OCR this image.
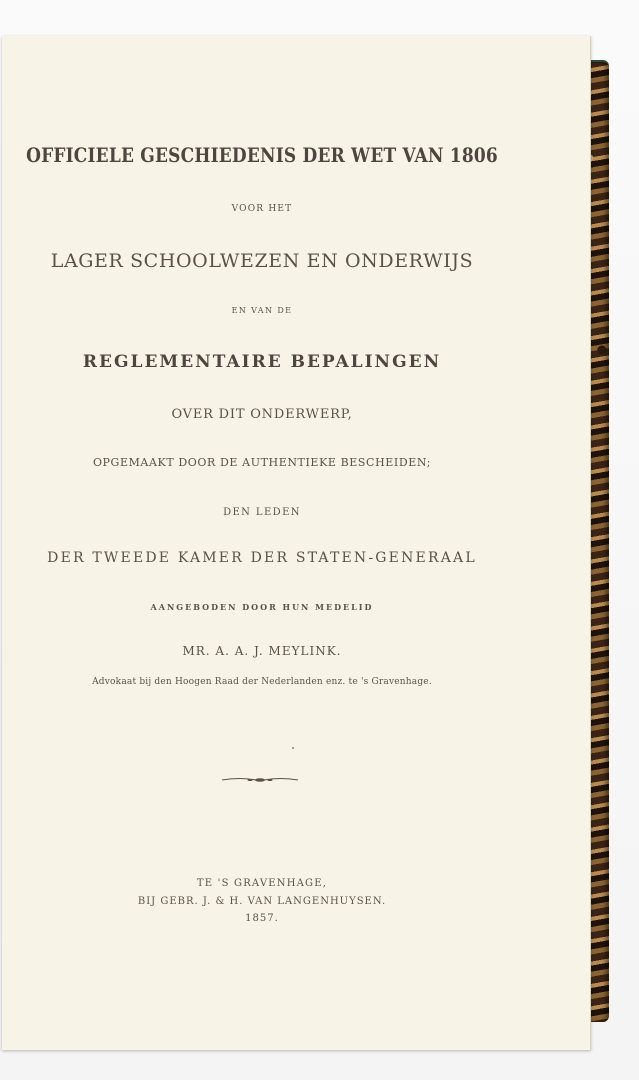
OFFICIELE GESCHIEDENIS DER WET VAN 1806
VOOR HET
LAGER SCHOOLWEZEN EN ONDERWIJS
EN VAN DE
REGLEMENTAIRE BEPALINGEN
OVER DIT ONDERWERP,
OPGEMAAKT DOOR DE AUTHENTIEKE BESCHEIDEN;
DEN LEDEN
DER TWEEDE KAMER DER STATEN-GENERAAL
AANGEBODEN DOOR HUN MEDELID
MR. A. A. J. MEYLINK.
Advokaat bij den Hoogen Raad der Nederlanden enz. te 's Gravenhage.
TE 'S GRAVENHAGE,
BIJ GEBR. J. & H. VAN LANGENHUYSEN.
1857.
